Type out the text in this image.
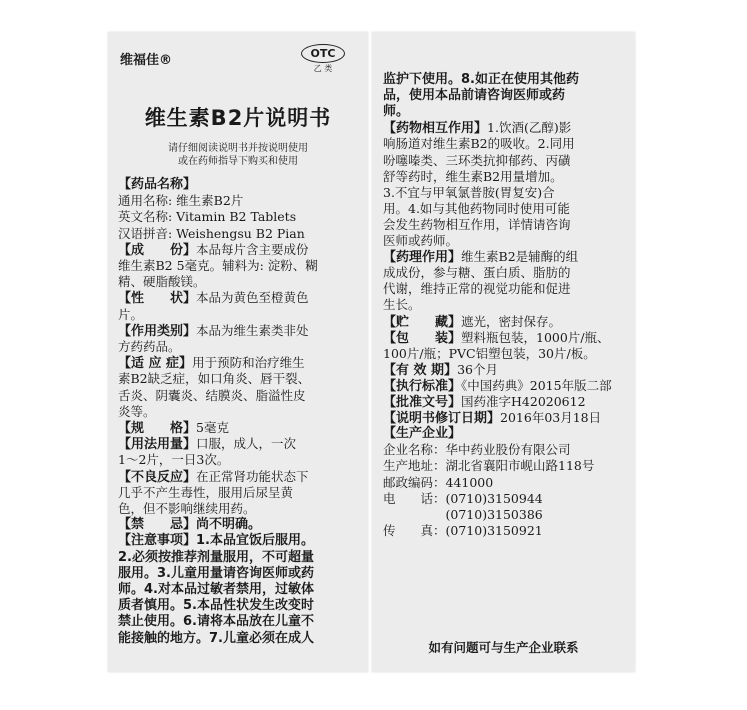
维福佳®	OTC
乙 类
维生素B2片说明书
请仔细阅读说明书并按说明使用
或在药师指导下购买和使用
【药品名称】
通用名称: 维生素B2片
英文名称: Vitamin B2 Tablets
汉语拼音: Weishengsu B2 Pian
【成　　份】本品每片含主要成份
维生素B2 5毫克。辅料为: 淀粉、糊
精、硬脂酸镁。
【性　　状】本品为黄色至橙黄色
片。
【作用类别】本品为维生素类非处
方药药品。
【适 应 症】用于预防和治疗维生
素B2缺乏症，如口角炎、唇干裂、
舌炎、阴囊炎、结膜炎、脂溢性皮
炎等。
【规　　格】5毫克
【用法用量】口服，成人，一次
1～2片，一日3次。
【不良反应】在正常肾功能状态下
几乎不产生毒性，服用后尿呈黄
色，但不影响继续用药。
【禁　　忌】尚不明确。
【注意事项】1.本品宜饭后服用。
2.必须按推荐剂量服用，不可超量
服用。3.儿童用量请咨询医师或药
师。4.对本品过敏者禁用，过敏体
质者慎用。5.本品性状发生改变时
禁止使用。6.请将本品放在儿童不
能接触的地方。7.儿童必须在成人
监护下使用。8.如正在使用其他药
品，使用本品前请咨询医师或药
师。
【药物相互作用】1.饮酒(乙醇)影
响肠道对维生素B2的吸收。2.同用
吩噻嗪类、三环类抗抑郁药、丙磺
舒等药时，维生素B2用量增加。
3.不宜与甲氧氯普胺(胃复安)合
用。4.如与其他药物同时使用可能
会发生药物相互作用，详情请咨询
医师或药师。
【药理作用】维生素B2是辅酶的组
成成份，参与糖、蛋白质、脂肪的
代谢，维持正常的视觉功能和促进
生长。
【贮　　藏】遮光，密封保存。
【包　　装】塑料瓶包装，1000片/瓶、
100片/瓶；PVC铝塑包装，30片/板。
【有 效 期】36个月
【执行标准】《中国药典》2015年版二部
【批准文号】国药准字H42020612
【说明书修订日期】2016年03月18日
【生产企业】
企业名称：华中药业股份有限公司
生产地址：湖北省襄阳市岘山路118号
邮政编码：441000
电　　话：(0710)3150944
　　　　　(0710)3150386
传　　真：(0710)3150921
如有问题可与生产企业联系
